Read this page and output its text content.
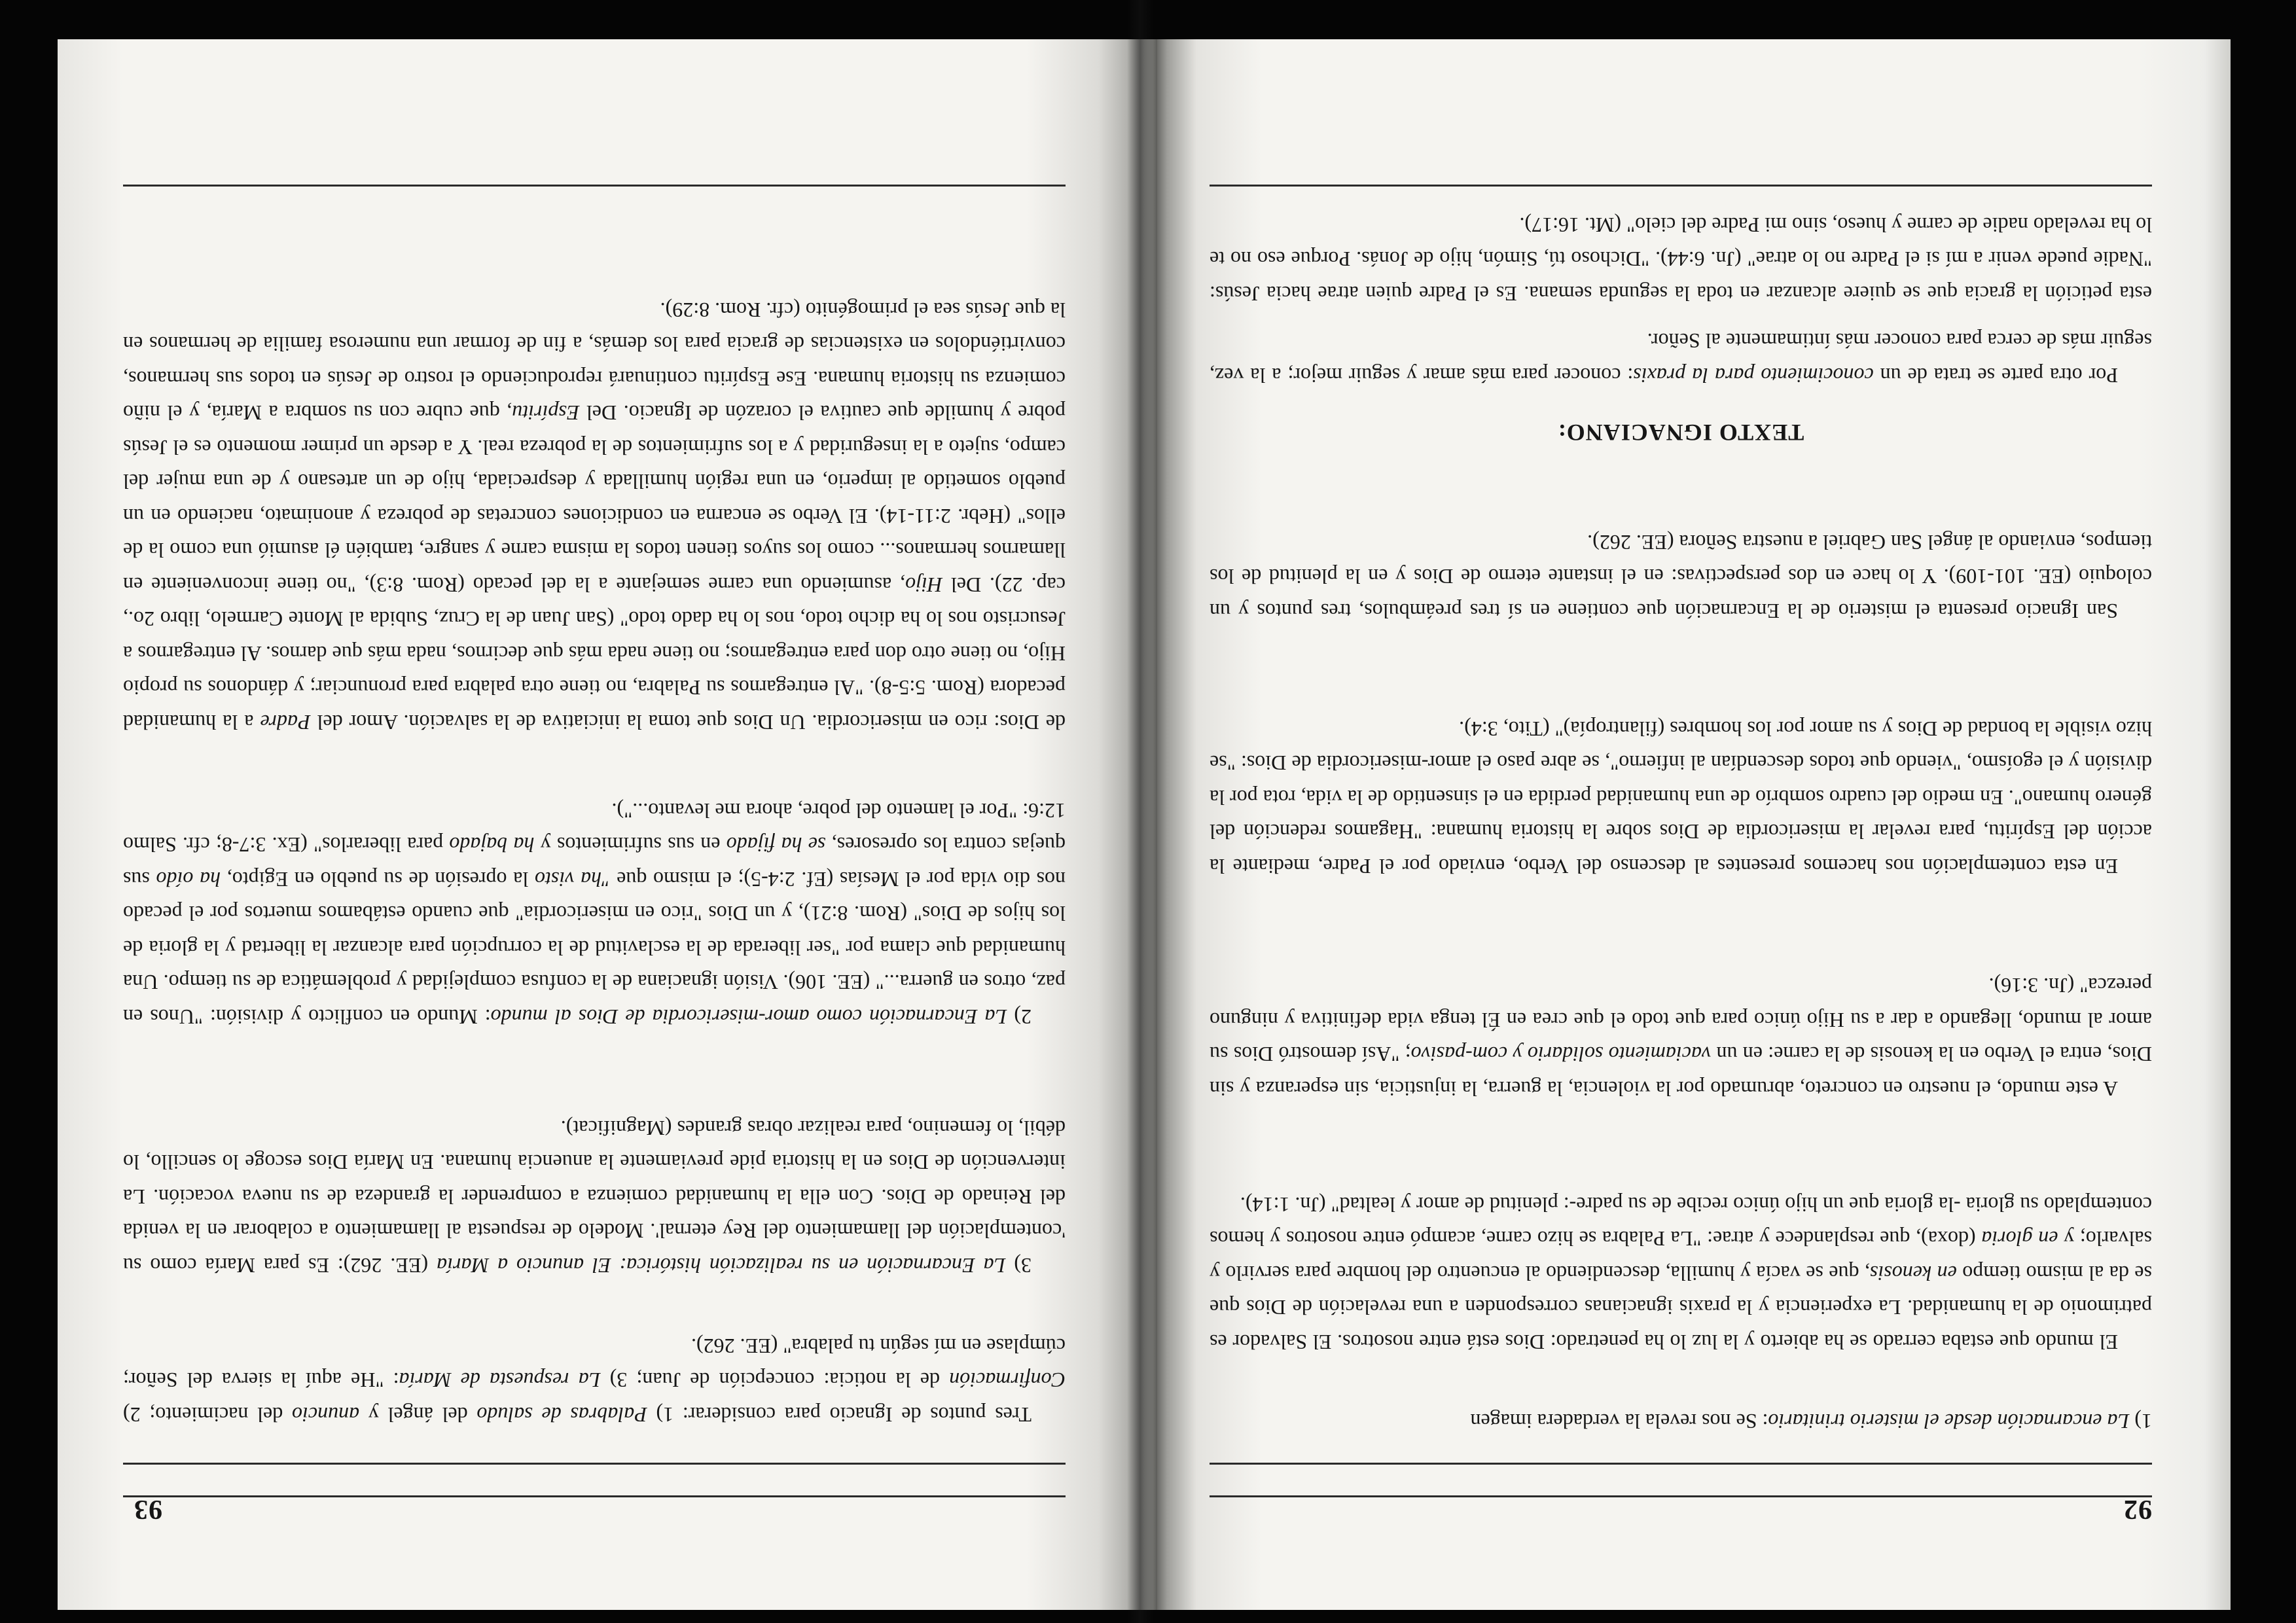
92

1) La encarnación desde el misterio trinitario: Se nos revela la verdadera imagen

El mundo que estaba cerrado se ha abierto y la luz lo ha penetrado: Dios está entre nosotros. El Salvador es patrimonio de la humanidad. La experiencia y la praxis ignacianas corresponden a una revelación de Dios que se da al mismo tiempo en kenosis, que se vacía y humilla, descendiendo al encuentro del hombre para servirlo y salvarlo; y en gloria (doxa), que resplandece y atrae: "La Palabra se hizo carne, acampó entre nosotros y hemos contemplado su gloria -la gloria que un hijo único recibe de su padre-: plenitud de amor y lealtad" (Jn. 1:14).

A este mundo, el nuestro en concreto, abrumado por la violencia, la guerra, la injusticia, sin esperanza y sin Dios, entra el Verbo en la kenosis de la carne: en un vaciamiento solidario y com-pasivo; "Así demostró Dios su amor al mundo, llegando a dar a su Hijo único para que todo el que crea en Él tenga vida definitiva y ninguno perezca" (Jn. 3:16).

En esta contemplación nos hacemos presentes al descenso del Verbo, enviado por el Padre, mediante la acción del Espíritu, para revelar la misericordia de Dios sobre la historia humana: "Hagamos redención del género humano". En medio del cuadro sombrío de una humanidad perdida en el sinsentido de la vida, rota por la división y el egoísmo, "viendo que todos descendían al infierno", se abre paso el amor-misericordia de Dios: "se hizo visible la bondad de Dios y su amor por los hombres (filantropía)" (Tito, 3:4).

San Ignacio presenta el misterio de la Encarnación que contiene en sí tres preámbulos, tres puntos y un coloquio (EE. 101-109). Y lo hace en dos perspectivas: en el instante eterno de Dios y en la plenitud de los tiempos, enviando al ángel San Gabriel a nuestra Señora (EE. 262).

TEXTO IGNACIANO:

Por otra parte se trata de un conocimiento para la praxis: conocer para más amar y seguir mejor; a la vez, seguir más de cerca para conocer más íntimamente al Señor.

esta petición la gracia que se quiere alcanzar en toda la segunda semana. Es el Padre quien atrae hacia Jesús: "Nadie puede venir a mí si el Padre no lo atrae" (Jn. 6:44). "Dichoso tú, Simón, hijo de Jonás. Porque eso no te lo ha revelado nadie de carne y hueso, sino mi Padre del cielo" (Mt. 16:17).

93

Tres puntos de Ignacio para considerar: 1) Palabras de saludo del ángel y anuncio del nacimiento; 2) Confirmación de la noticia: concepción de Juan; 3) La respuesta de María: "He aquí la sierva del Señor; cúmplase en mí según tu palabra" (EE. 262).

3) La Encarnación en su realización histórica: El anuncio a María (EE. 262): Es para María como su 'contemplación del llamamiento del Rey eternal'. Modelo de respuesta al llamamiento a colaborar en la venida del Reinado de Dios. Con ella la humanidad comienza a comprender la grandeza de su nueva vocación. La intervención de Dios en la historia pide previamente la anuencia humana. En María Dios escoge lo sencillo, lo débil, lo femenino, para realizar obras grandes (Magnificat).

2) La Encarnación como amor-misericordia de Dios al mundo: Mundo en conflicto y división: "Unos en paz, otros en guerra..." (EE. 106). Visión ignaciana de la confusa complejidad y problemática de su tiempo. Una humanidad que clama por "ser liberada de la esclavitud de la corrupción para alcanzar la libertad y la gloria de los hijos de Dios" (Rom. 8:21), y un Dios "rico en misericordia" que cuando estábamos muertos por el pecado nos dio vida por el Mesías (Ef. 2:4-5); el mismo que "ha visto la opresión de su pueblo en Egipto, ha oído sus quejas contra los opresores, se ha fijado en sus sufrimientos y ha bajado para liberarlos" (Ex. 3:7-8; cfr. Salmo 12:6: "Por el lamento del pobre, ahora me levanto...").

de Dios: rico en misericordia. Un Dios que toma la iniciativa de la salvación. Amor del Padre a la humanidad pecadora (Rom. 5:5-8). "Al entregarnos su Palabra, no tiene otra palabra para pronunciar; y dándonos su propio Hijo, no tiene otro don para entregarnos; no tiene nada más que decirnos, nada más que darnos. Al entregarnos a Jesucristo nos lo ha dicho todo, nos lo ha dado todo" (San Juan de la Cruz, Subida al Monte Carmelo, libro 2o., cap. 22). Del Hijo, asumiendo una carne semejante a la del pecado (Rom. 8:3), "no tiene inconveniente en llamarnos hermanos... como los suyos tienen todos la misma carne y sangre, también él asumió una como la de ellos" (Hebr. 2:11-14). El Verbo se encarna en condiciones concretas de pobreza y anonimato, naciendo en un pueblo sometido al imperio, en una región humillada y despreciada, hijo de un artesano y de una mujer del campo, sujeto a la inseguridad y a los sufrimientos de la pobreza real. Y a desde un primer momento es el Jesús pobre y humilde que cautiva el corazón de Ignacio. Del Espíritu, que cubre con su sombra a María, y el niño comienza su historia humana. Ese Espíritu continuará reproduciendo el rostro de Jesús en todos sus hermanos, convirtiéndolos en existencias de gracia para los demás, a fin de formar una numerosa familia de hermanos en la que Jesús sea el primogénito (cfr. Rom. 8:29).
